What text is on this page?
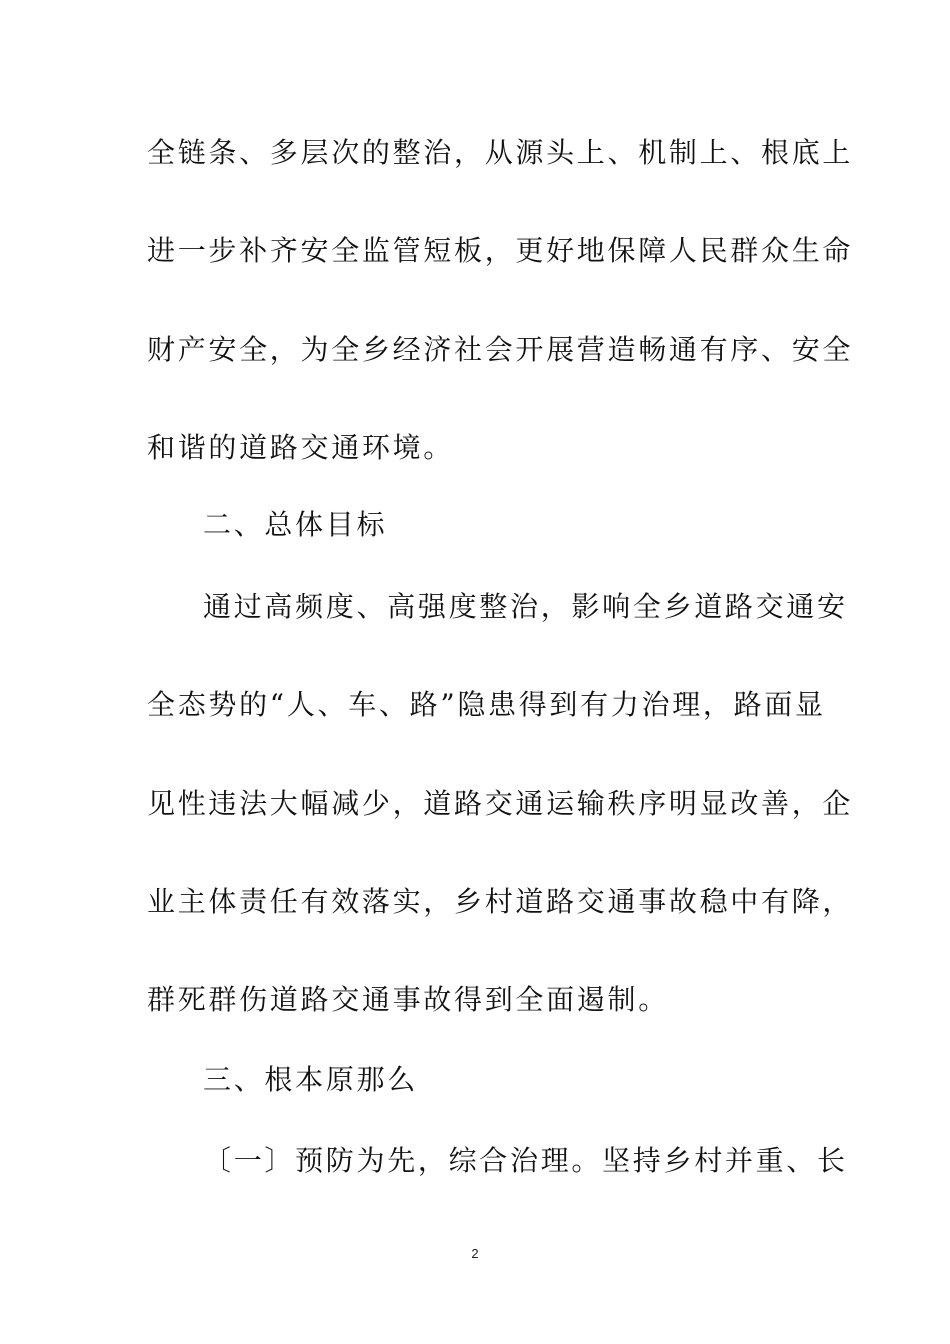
全链条、多层次的整治，从源头上、机制上、根底上
进一步补齐安全监管短板，更好地保障人民群众生命
财产安全，为全乡经济社会开展营造畅通有序、安全
和谐的道路交通环境。
二、总体目标
通过高频度、高强度整治，影响全乡道路交通安
全态势的“人、车、路”隐患得到有力治理，路面显
见性违法大幅减少，道路交通运输秩序明显改善，企
业主体责任有效落实，乡村道路交通事故稳中有降，
群死群伤道路交通事故得到全面遏制。
三、根本原那么
〔一〕预防为先，综合治理。坚持乡村并重、长
2
